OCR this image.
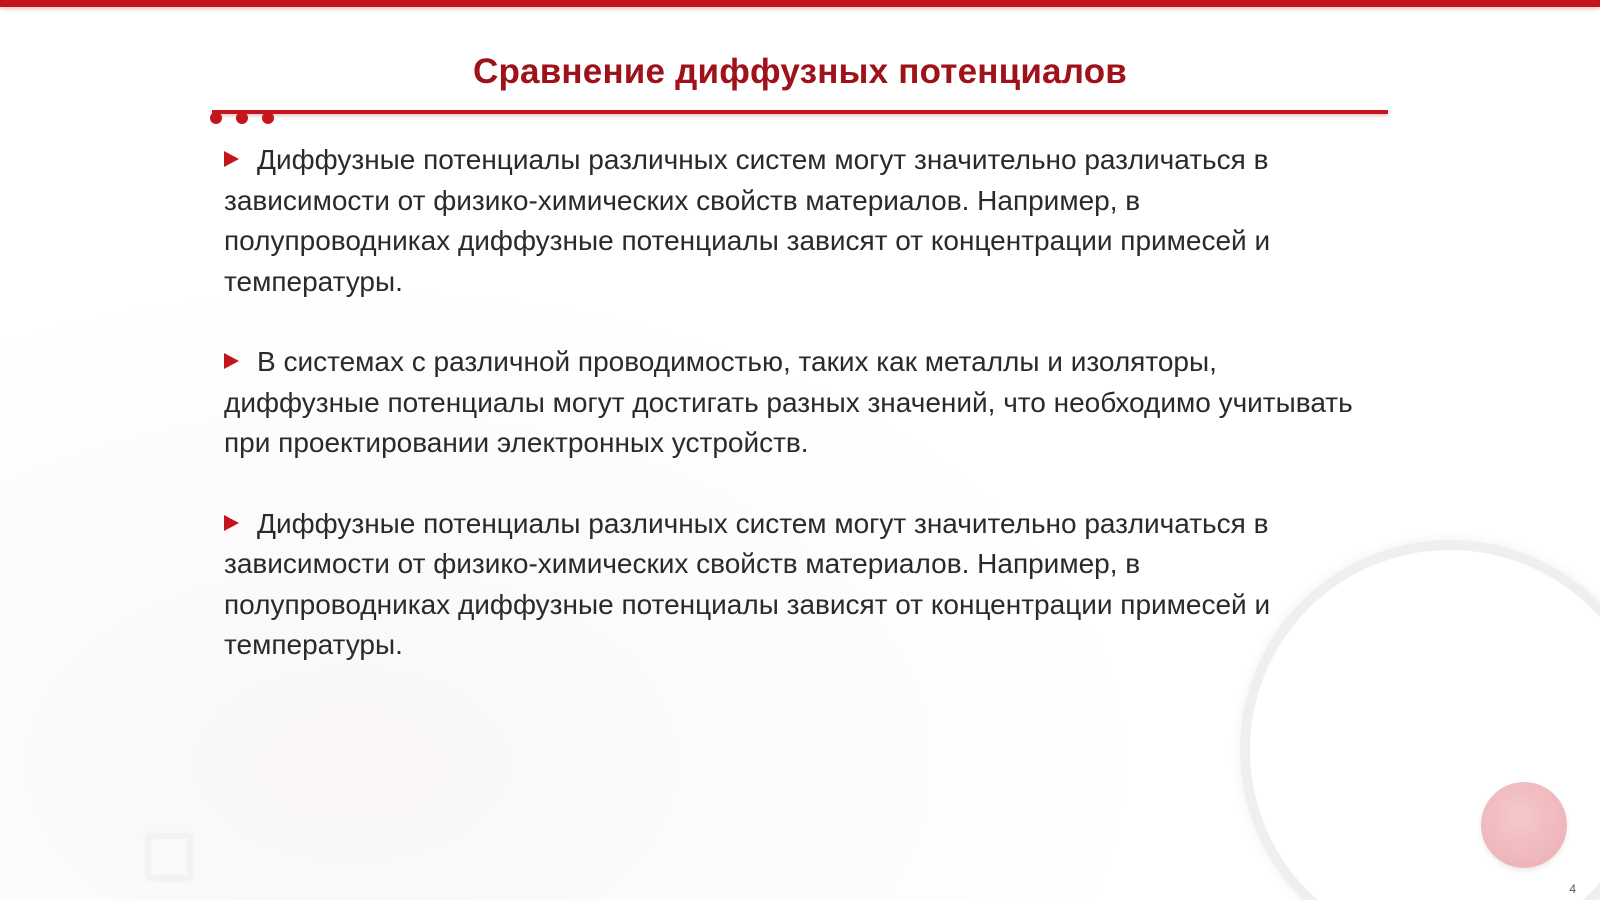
Сравнение диффузных потенциалов
Диффузные потенциалы различных систем могут значительно различаться в зависимости от физико-химических свойств материалов. Например, в полупроводниках диффузные потенциалы зависят от концентрации примесей и температуры.
В системах с различной проводимостью, таких как металлы и изоляторы, диффузные потенциалы могут достигать разных значений, что необходимо учитывать при проектировании электронных устройств.
Диффузные потенциалы различных систем могут значительно различаться в зависимости от физико-химических свойств материалов. Например, в полупроводниках диффузные потенциалы зависят от концентрации примесей и температуры.
4
